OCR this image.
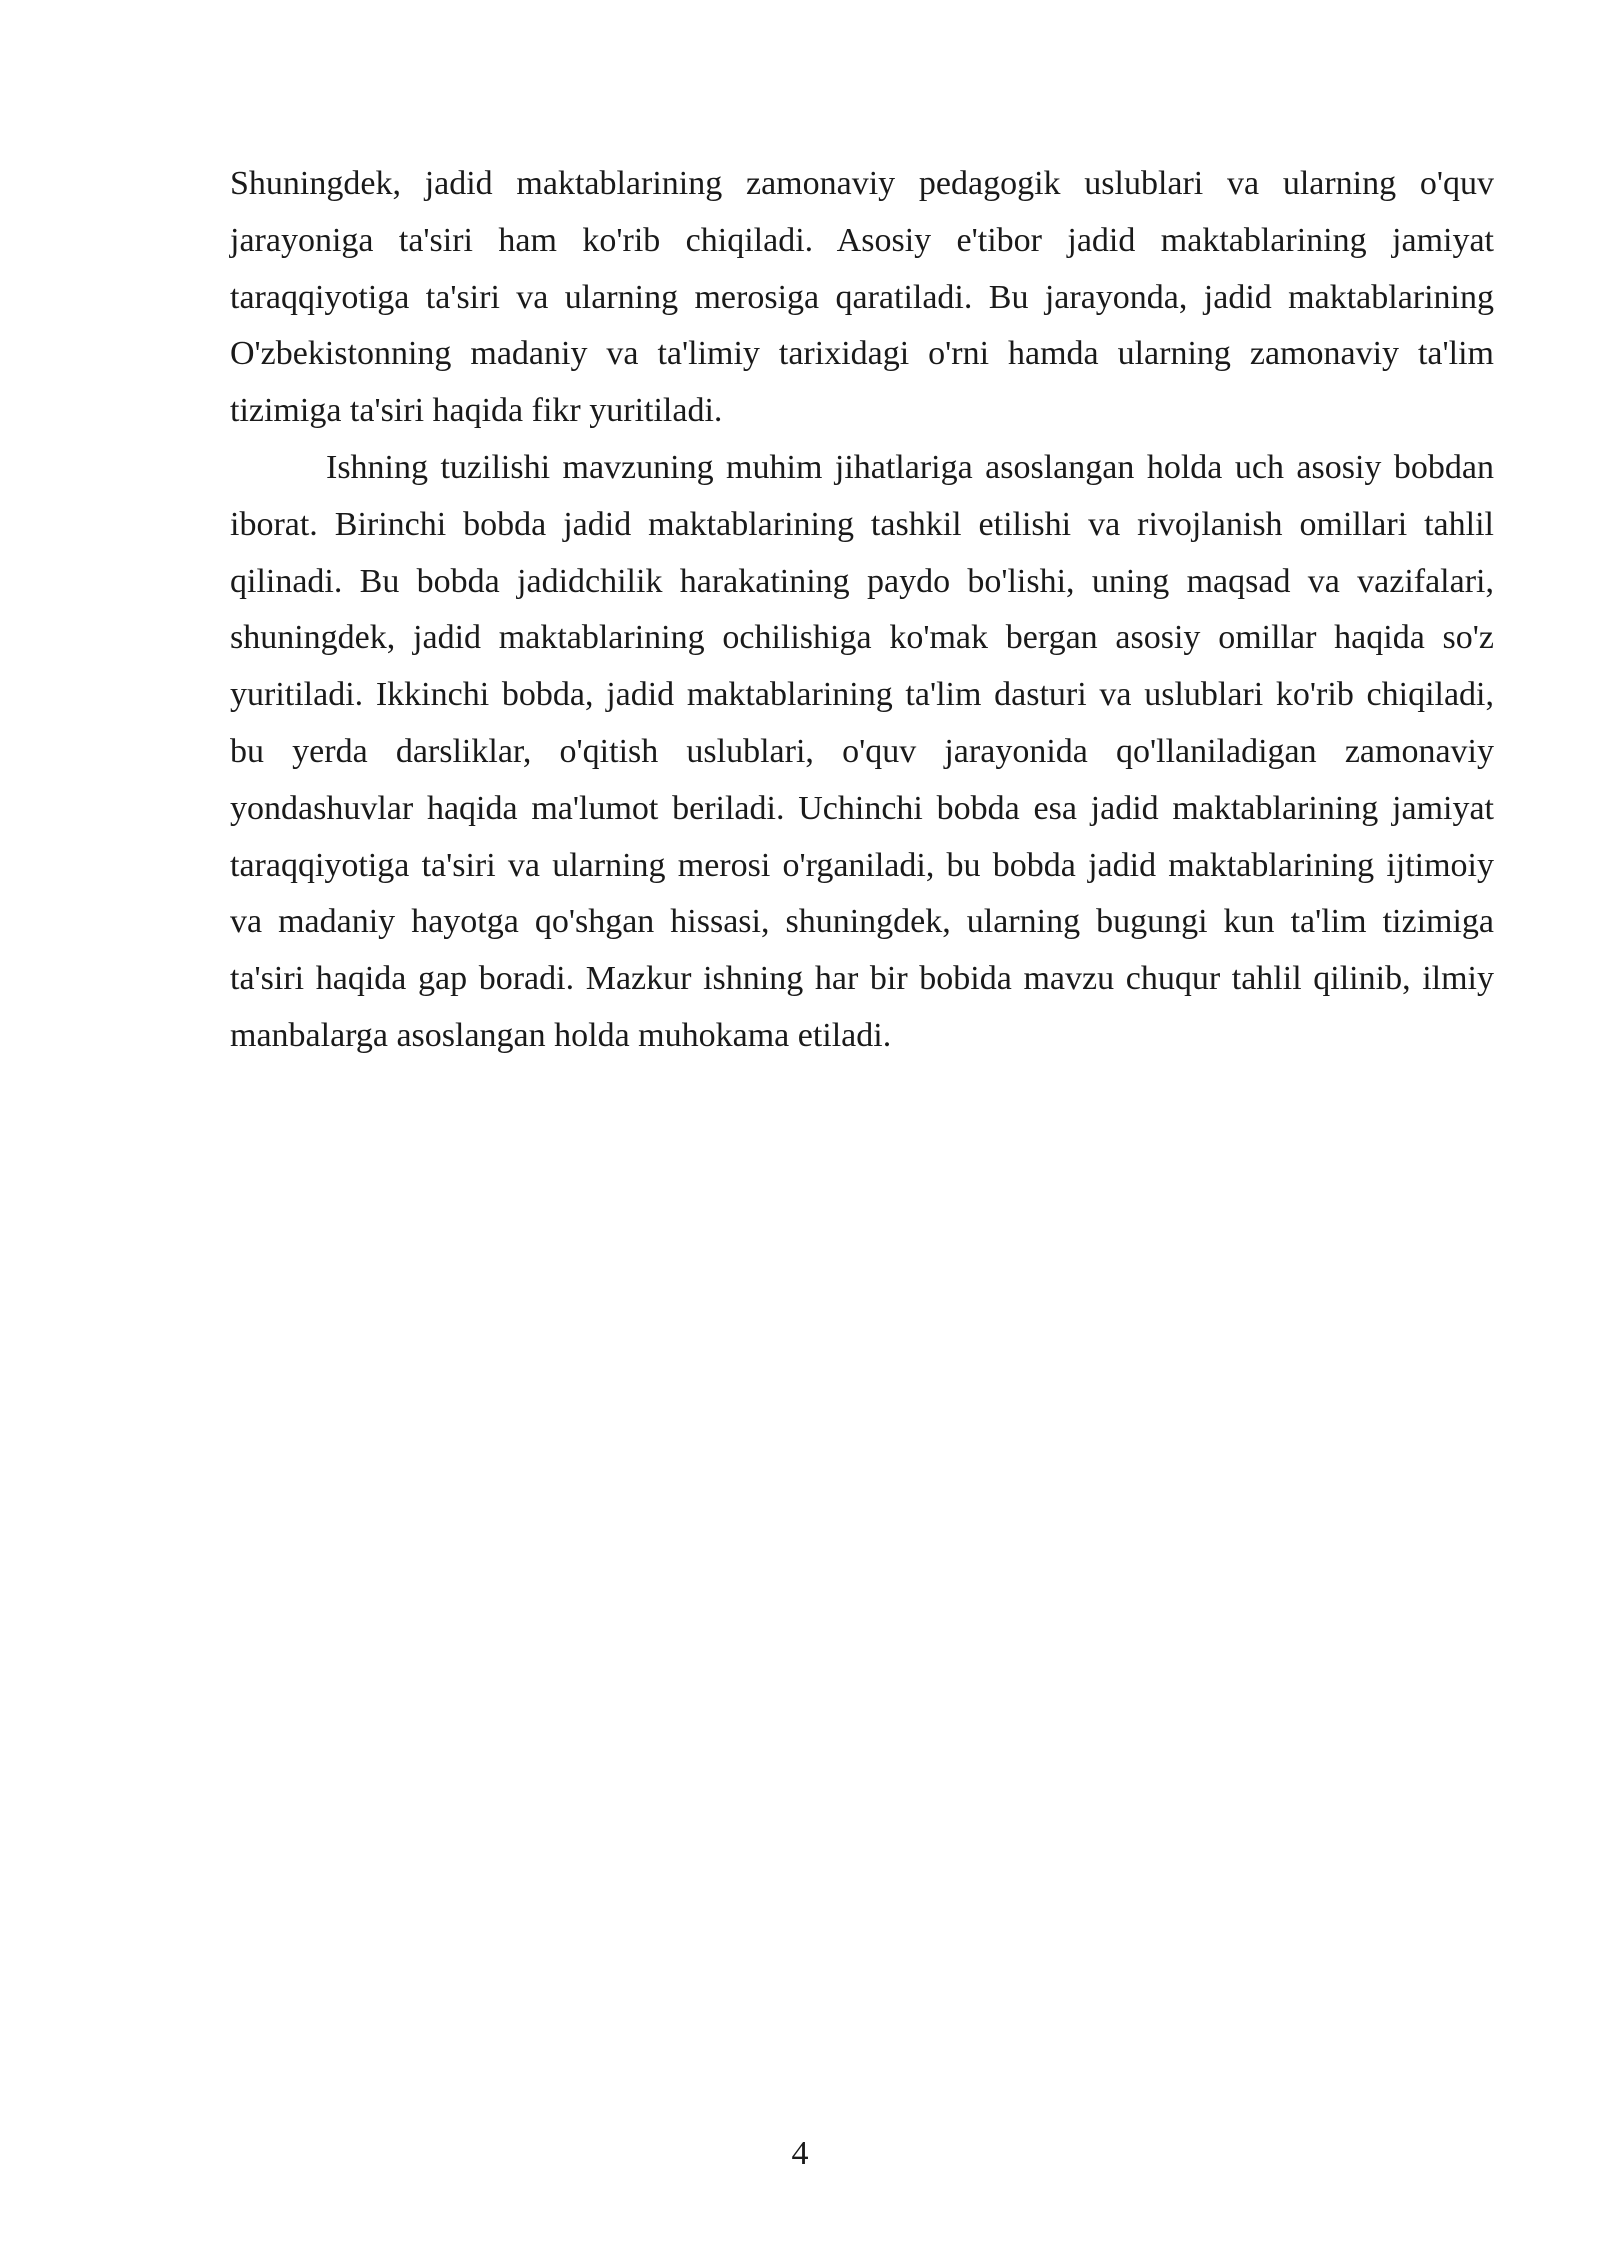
Shuningdek, jadid maktablarining zamonaviy pedagogik uslublari va ularning o'quv jarayoniga ta'siri ham ko'rib chiqiladi. Asosiy e'tibor jadid maktablarining jamiyat taraqqiyotiga ta'siri va ularning merosiga qaratiladi. Bu jarayonda, jadid maktablarining O'zbekistonning madaniy va ta'limiy tarixidagi o'rni hamda ularning zamonaviy ta'lim tizimiga ta'siri haqida fikr yuritiladi.

Ishning tuzilishi mavzuning muhim jihatlariga asoslangan holda uch asosiy bobdan iborat. Birinchi bobda jadid maktablarining tashkil etilishi va rivojlanish omillari tahlil qilinadi. Bu bobda jadidchilik harakatining paydo bo'lishi, uning maqsad va vazifalari, shuningdek, jadid maktablarining ochilishiga ko'mak bergan asosiy omillar haqida so'z yuritiladi. Ikkinchi bobda, jadid maktablarining ta'lim dasturi va uslublari ko'rib chiqiladi, bu yerda darsliklar, o'qitish uslublari, o'quv jarayonida qo'llaniladigan zamonaviy yondashuvlar haqida ma'lumot beriladi. Uchinchi bobda esa jadid maktablarining jamiyat taraqqiyotiga ta'siri va ularning merosi o'rganiladi, bu bobda jadid maktablarining ijtimoiy va madaniy hayotga qo'shgan hissasi, shuningdek, ularning bugungi kun ta'lim tizimiga ta'siri haqida gap boradi. Mazkur ishning har bir bobida mavzu chuqur tahlil qilinib, ilmiy manbalarga asoslangan holda muhokama etiladi.

4
